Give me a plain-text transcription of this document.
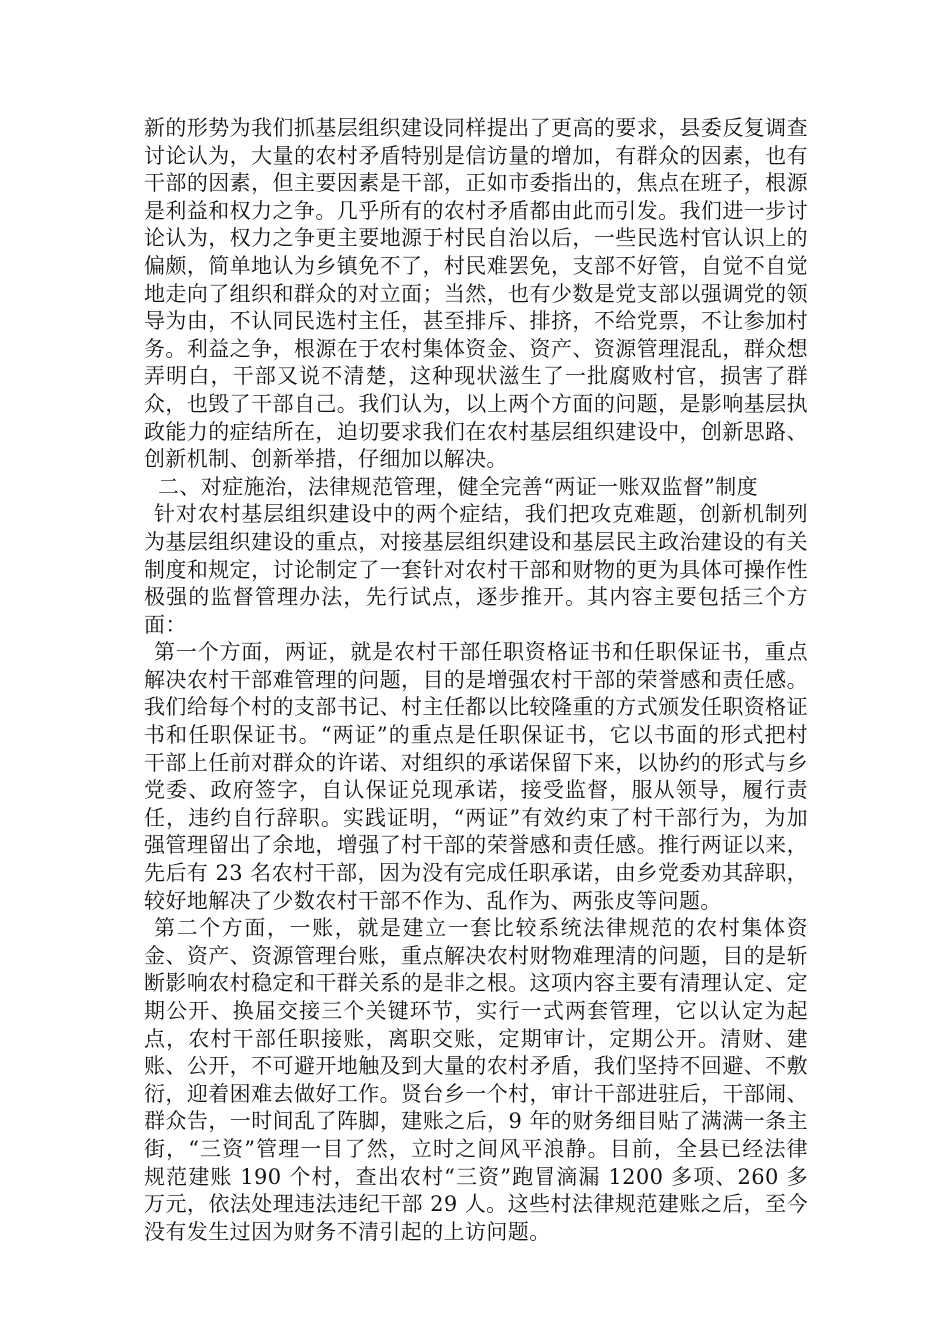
新的形势为我们抓基层组织建设同样提出了更高的要求，县委反复调查讨论认为，大量的农村矛盾特别是信访量的增加，有群众的因素，也有干部的因素，但主要因素是干部，正如市委指出的，焦点在班子，根源是利益和权力之争。几乎所有的农村矛盾都由此而引发。我们进一步讨论认为，权力之争更主要地源于村民自治以后，一些民选村官认识上的偏颇，简单地认为乡镇免不了，村民难罢免，支部不好管，自觉不自觉地走向了组织和群众的对立面；当然，也有少数是党支部以强调党的领导为由，不认同民选村主任，甚至排斥、排挤，不给党票，不让参加村务。利益之争，根源在于农村集体资金、资产、资源管理混乱，群众想弄明白，干部又说不清楚，这种现状滋生了一批腐败村官，损害了群众，也毁了干部自己。我们认为，以上两个方面的问题，是影响基层执政能力的症结所在，迫切要求我们在农村基层组织建设中，创新思路、创新机制、创新举措，仔细加以解决。

二、对症施治，法律规范管理，健全完善“两证一账双监督”制度

针对农村基层组织建设中的两个症结，我们把攻克难题，创新机制列为基层组织建设的重点，对接基层组织建设和基层民主政治建设的有关制度和规定，讨论制定了一套针对农村干部和财物的更为具体可操作性极强的监督管理办法，先行试点，逐步推开。其内容主要包括三个方面：

第一个方面，两证，就是农村干部任职资格证书和任职保证书，重点解决农村干部难管理的问题，目的是增强农村干部的荣誉感和责任感。我们给每个村的支部书记、村主任都以比较隆重的方式颁发任职资格证书和任职保证书。“两证”的重点是任职保证书，它以书面的形式把村干部上任前对群众的许诺、对组织的承诺保留下来，以协约的形式与乡党委、政府签字，自认保证兑现承诺，接受监督，服从领导，履行责任，违约自行辞职。实践证明，“两证”有效约束了村干部行为，为加强管理留出了余地，增强了村干部的荣誉感和责任感。推行两证以来，先后有 23 名农村干部，因为没有完成任职承诺，由乡党委劝其辞职，较好地解决了少数农村干部不作为、乱作为、两张皮等问题。

第二个方面，一账，就是建立一套比较系统法律规范的农村集体资金、资产、资源管理台账，重点解决农村财物难理清的问题，目的是斩断影响农村稳定和干群关系的是非之根。这项内容主要有清理认定、定期公开、换届交接三个关键环节，实行一式两套管理，它以认定为起点，农村干部任职接账，离职交账，定期审计，定期公开。清财、建账、公开，不可避开地触及到大量的农村矛盾，我们坚持不回避、不敷衍，迎着困难去做好工作。贤台乡一个村，审计干部进驻后，干部闹、群众告，一时间乱了阵脚，建账之后，9 年的财务细目贴了满满一条主街，“三资”管理一目了然，立时之间风平浪静。目前，全县已经法律规范建账 190 个村，查出农村“三资”跑冒滴漏 1200 多项、260 多万元，依法处理违法违纪干部 29 人。这些村法律规范建账之后，至今没有发生过因为财务不清引起的上访问题。
